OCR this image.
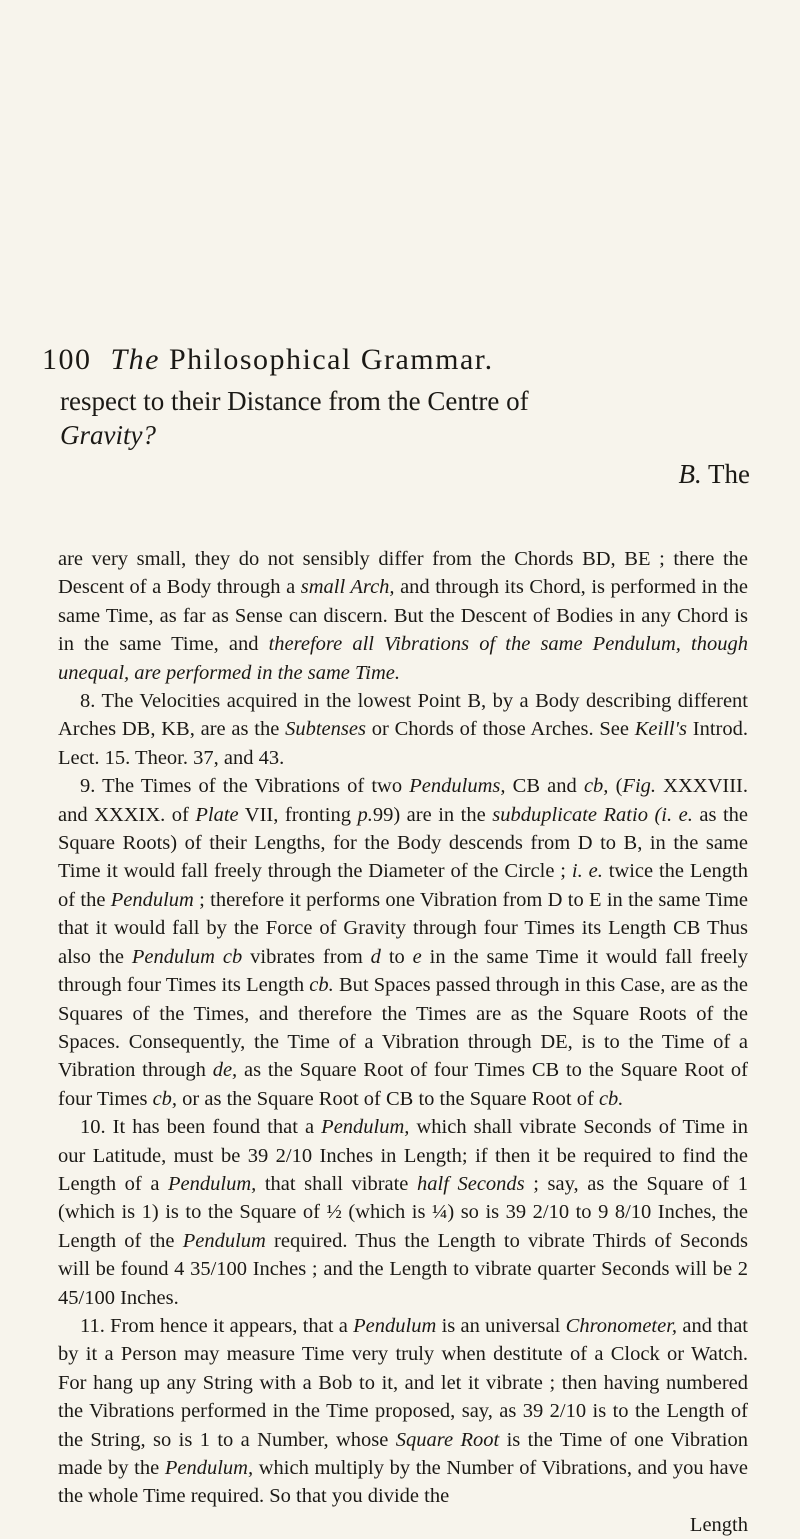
100 The Philosophical Grammar.
respect to their Distance from the Centre of
Gravity?
B. The

are very small, they do not sensibly differ from the Chords BD, BE ; there the Descent of a Body through a small Arch, and through its Chord, is performed in the same Time, as far as Sense can discern. But the Descent of Bodies in any Chord is in the same Time, and therefore all Vibrations of the same Pendulum, though unequal, are performed in the same Time.

8. The Velocities acquired in the lowest Point B, by a Body describing different Arches DB, KB, are as the Subtenses or Chords of those Arches. See Keill's Introd. Lect. 15. Theor. 37, and 43.

9. The Times of the Vibrations of two Pendulums, CB and cb, (Fig. XXXVIII. and XXXIX. of Plate VII, fronting p.99) are in the subduplicate Ratio (i. e. as the Square Roots) of their Lengths, for the Body descends from D to B, in the same Time it would fall freely through the Diameter of the Circle ; i. e. twice the Length of the Pendulum ; therefore it performs one Vibration from D to E in the same Time that it would fall by the Force of Gravity through four Times its Length CB Thus also the Pendulum cb vibrates from d to e in the same Time it would fall freely through four Times its Length cb. But Spaces passed through in this Case, are as the Squares of the Times, and therefore the Times are as the Square Roots of the Spaces. Consequently, the Time of a Vibration through DE, is to the Time of a Vibration through de, as the Square Root of four Times CB to the Square Root of four Times cb, or as the Square Root of CB to the Square Root of cb.

10. It has been found that a Pendulum, which shall vibrate Seconds of Time in our Latitude, must be 39 2/10 Inches in Length; if then it be required to find the Length of a Pendulum, that shall vibrate half Seconds ; say, as the Square of 1 (which is 1) is to the Square of ½ (which is ¼) so is 39 2/10 to 9 8/10 Inches, the Length of the Pendulum required. Thus the Length to vibrate Thirds of Seconds will be found 4 35/100 Inches ; and the Length to vibrate quarter Seconds will be 2 45/100 Inches.

11. From hence it appears, that a Pendulum is an universal Chronometer, and that by it a Person may measure Time very truly when destitute of a Clock or Watch. For hang up any String with a Bob to it, and let it vibrate ; then having numbered the Vibrations performed in the Time proposed, say, as 39 2/10 is to the Length of the String, so is 1 to a Number, whose Square Root is the Time of one Vibration made by the Pendulum, which multiply by the Number of Vibrations, and you have the whole Time required. So that you divide the

Length
